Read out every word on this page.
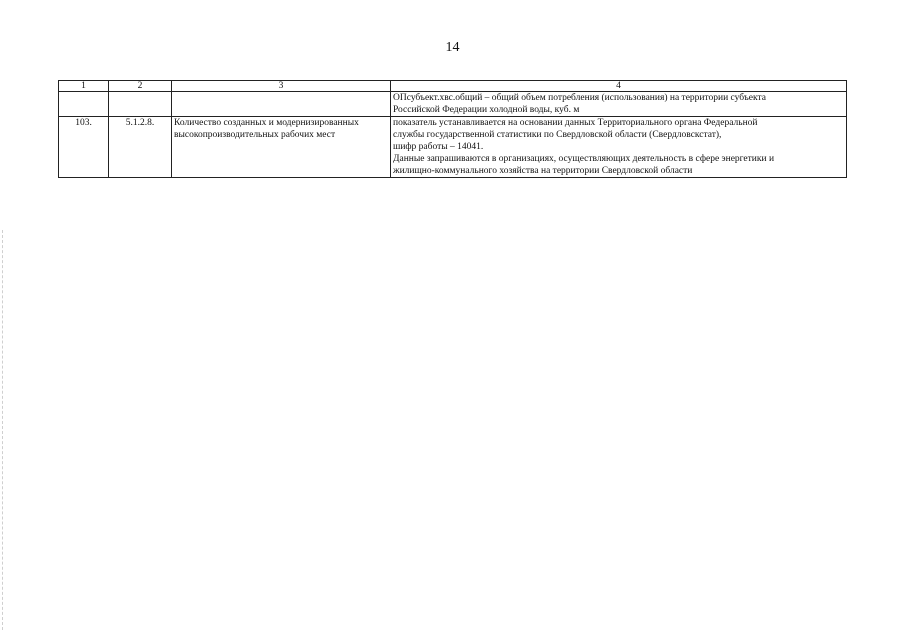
14
1	2	3	4

			ОПсубъект.хвс.общий – общий объем потребления (использования) на территории субъекта
Российской Федерации холодной воды, куб. м

103.	5.1.2.8.	Количество созданных и модернизированных высокопроизводительных рабочих мест	показатель устанавливается на основании данных Территориального органа Федеральной
службы государственной статистики по Свердловской области (Свердловскстат),
шифр работы – 14041.
Данные запрашиваются в организациях, осуществляющих деятельность в сфере энергетики и
жилищно-коммунального хозяйства на территории Свердловской области
